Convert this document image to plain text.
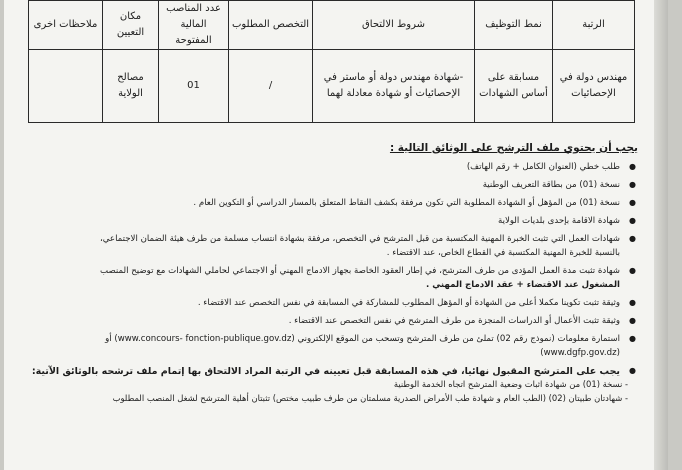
الرتبة	نمط التوظيف	شروط الالتحاق	التخصص المطلوب	عدد المناصب المالية المفتوحة	مكان التعيين	ملاحظات اخرى
مهندس دولة في الإحصائيات	مسابقة على أساس الشهادات	-شهادة مهندس دولة أو ماستر في الإحصائيات أو شهادة معادلة لهما	/	01	مصالح الولاية	
يجب أن يحتوي ملف الترشح على الوثائق التالية :
●
طلب خطي (العنوان الكامل + رقم الهاتف)
●
نسخة (01) من بطاقة التعريف الوطنية
●
نسخة (01) من المؤهل أو الشهادة المطلوبة التي تكون مرفقة بكشف النقاط المتعلق بالمسار الدراسي أو التكوين العام .
●
شهادة الاقامة بإحدى بلديات الولاية
●
شهادات العمل التي تثبت الخبرة المهنية المكتسبة من قبل المترشح في التخصص، مرفقة بشهادة انتساب مسلمة من طرف هيئة الضمان الاجتماعي،
بالنسبة للخبرة المهنية المكتسبة في القطاع الخاص، عند الاقتضاء .
●
شهادة تثبت مدة العمل المؤدى من طرف المترشح، في إطار العقود الخاصة بجهاز الادماج المهني أو الاجتماعي لحاملي الشهادات مع توضيح المنصب
المشغول عند الاقتضاء + عقد الادماج المهني .
●
وثيقة تثبت تكوينا مكملا أعلى من الشهادة أو المؤهل المطلوب للمشاركة في المسابقة في نفس التخصص عند الاقتضاء .
●
وثيقة تثبت الأعمال أو الدراسات المنجزة من طرف المترشح في نفس التخصص عند الاقتضاء .
●
استمارة معلومات (نموذج رقم 02) تملئ من طرف المترشح وتسحب من الموقع الإلكتروني (www.concours- fonction-publique.gov.dz) أو
(www.dgfp.gov.dz)
●
يجب على المترشح المقبول نهائيا، في هذه المسابقة قبل تعيينه في الرتبة المراد الالتحاق بها إتمام ملف ترشحه بالوثائق الآتية:
- نسخة (01) من شهادة اثبات وضعية المترشح اتجاه الخدمة الوطنية
- شهادتان طبيتان (02) (الطب العام و شهادة طب الأمراض الصدرية مسلمتان من طرف طبيب مختص) تثبتان أهلية المترشح لشغل المنصب المطلوب
